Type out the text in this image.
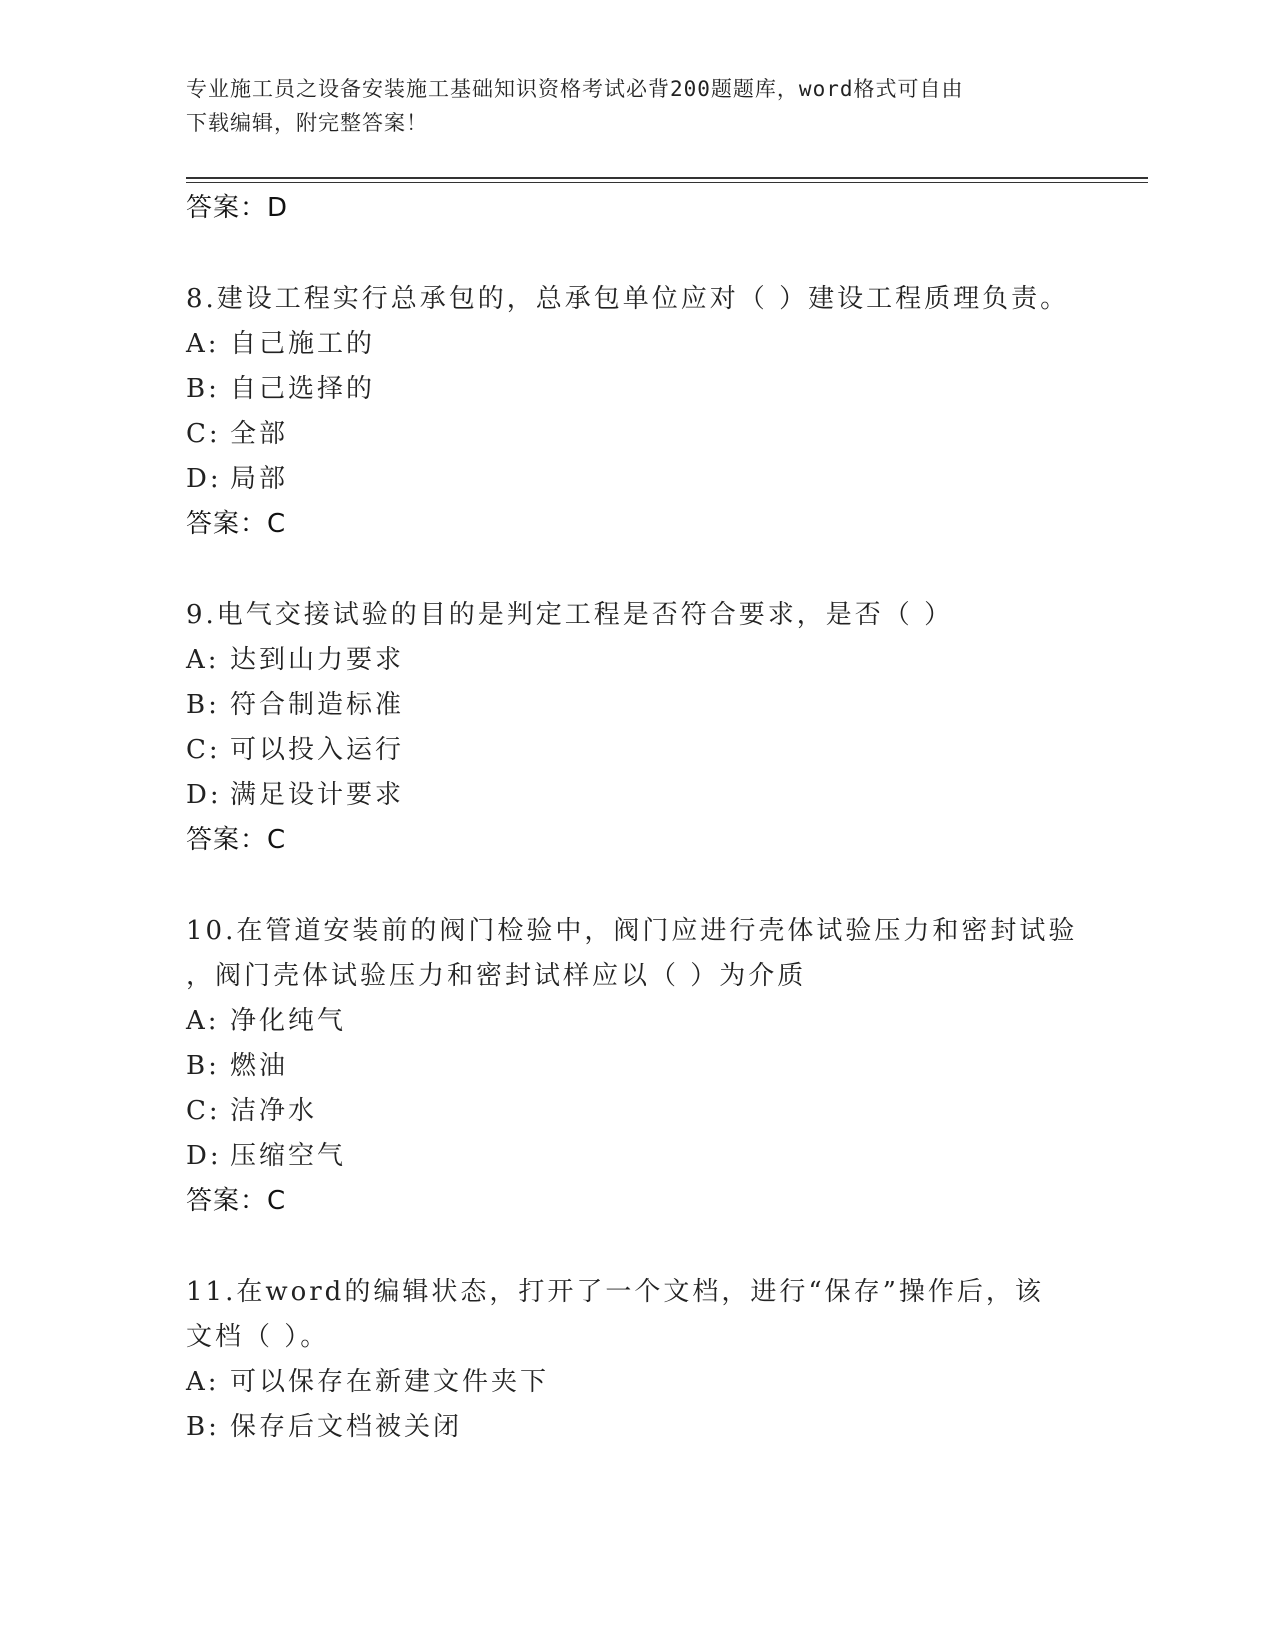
专业施工员之设备安装施工基础知识资格考试必背200题题库，word格式可自由
下载编辑，附完整答案！
答案：D
8.建设工程实行总承包的，总承包单位应对（ ）建设工程质理负责。
A: 自己施工的
B: 自己选择的
C: 全部
D: 局部
答案：C
9.电气交接试验的目的是判定工程是否符合要求，是否（ ）
A: 达到山力要求
B: 符合制造标准
C: 可以投入运行
D: 满足设计要求
答案：C
10.在管道安装前的阀门检验中，阀门应进行壳体试验压力和密封试验
，阀门壳体试验压力和密封试样应以（ ）为介质
A: 净化纯气
B: 燃油
C: 洁净水
D: 压缩空气
答案：C
11.在word的编辑状态，打开了一个文档，进行“保存”操作后，该
文档（ ）。
A: 可以保存在新建文件夹下
B: 保存后文档被关闭
